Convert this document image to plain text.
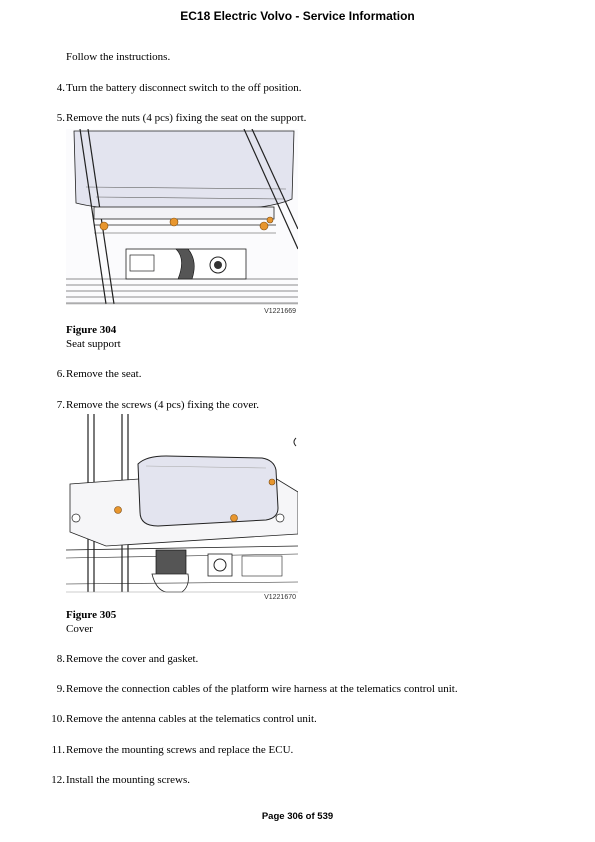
EC18 Electric Volvo - Service Information
Follow the instructions.
4. Turn the battery disconnect switch to the off position.
5. Remove the nuts (4 pcs) fixing the seat on the support.
V1221669
Figure 304
Seat support
6. Remove the seat.
7. Remove the screws (4 pcs) fixing the cover.
V1221670
Figure 305
Cover
8. Remove the cover and gasket.
9. Remove the connection cables of the platform wire harness at the telematics control unit.
10. Remove the antenna cables at the telematics control unit.
11. Remove the mounting screws and replace the ECU.
12. Install the mounting screws.
Page 306 of 539
